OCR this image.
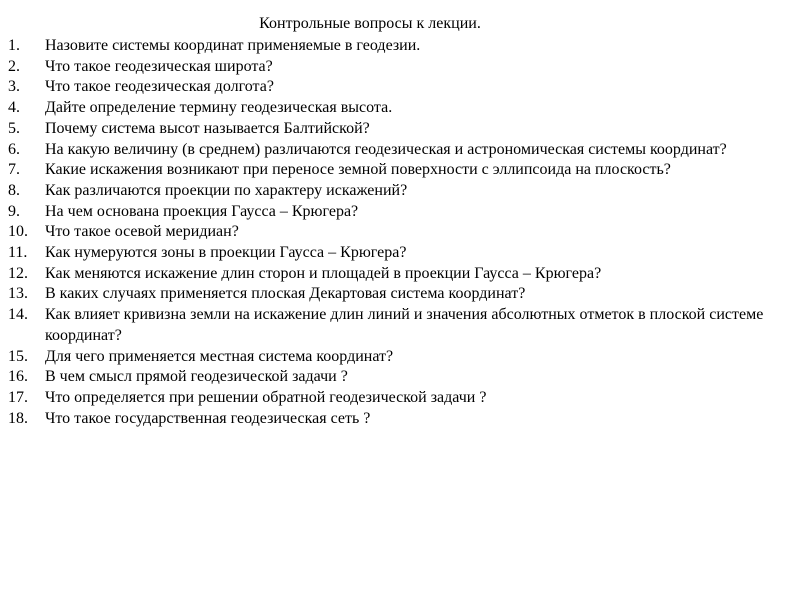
Контрольные вопросы к лекции.
1. Назовите системы координат применяемые в геодезии.
2. Что такое геодезическая широта?
3. Что такое геодезическая долгота?
4. Дайте определение термину геодезическая высота.
5. Почему система высот называется Балтийской?
6. На какую величину (в среднем) различаются геодезическая и астрономическая системы координат?
7. Какие искажения возникают при переносе земной поверхности с эллипсоида на плоскость?
8. Как различаются проекции по характеру искажений?
9. На чем основана проекция Гаусса – Крюгера?
10. Что такое осевой меридиан?
11. Как нумеруются зоны в проекции Гаусса – Крюгера?
12. Как меняются искажение длин сторон и площадей в проекции Гаусса – Крюгера?
13. В каких случаях применяется плоская Декартовая система координат?
14. Как влияет кривизна земли на искажение длин линий и значения абсолютных отметок в плоской системе координат?
15. Для чего применяется местная система координат?
16. В чем смысл прямой геодезической задачи ?
17. Что определяется при решении обратной геодезической задачи ?
18. Что такое государственная геодезическая сеть ?
